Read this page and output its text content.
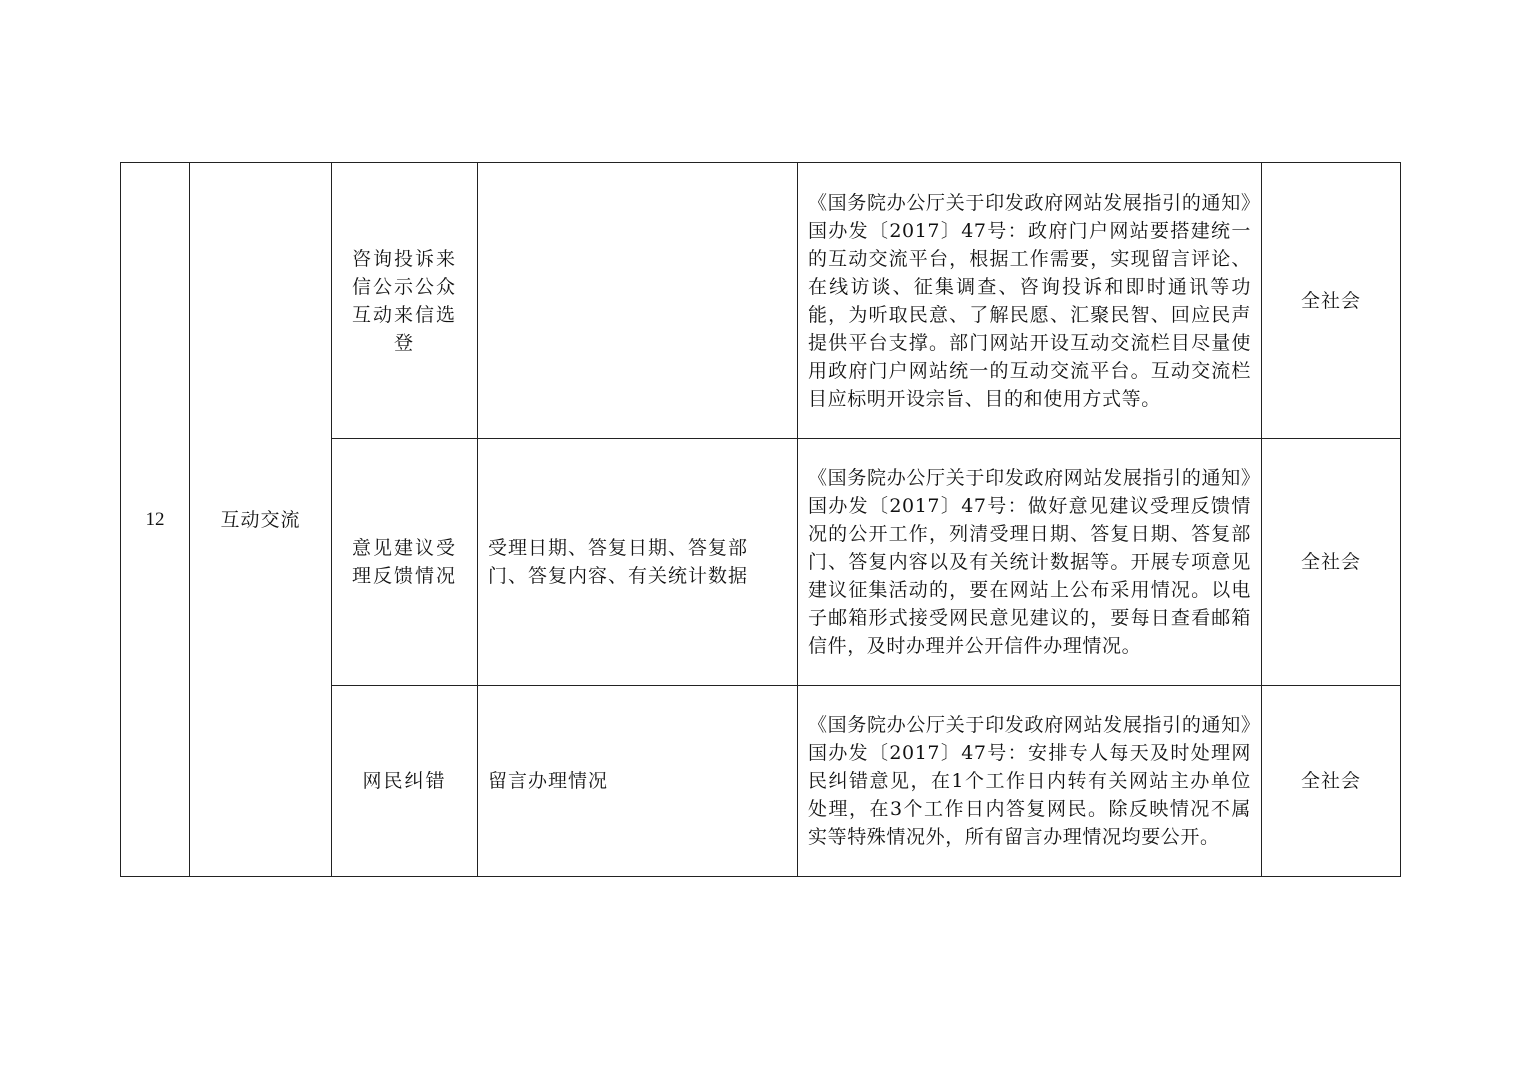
12	互动交流	咨询投诉来信公示公众互动来信选登		《国务院办公厅关于印发政府网站发展指引的通知》国办发〔2017〕47号：政府门户网站要搭建统一的互动交流平台，根据工作需要，实现留言评论、在线访谈、征集调查、咨询投诉和即时通讯等功能，为听取民意、了解民愿、汇聚民智、回应民声提供平台支撑。部门网站开设互动交流栏目尽量使用政府门户网站统一的互动交流平台。互动交流栏目应标明开设宗旨、目的和使用方式等。	全社会
		意见建议受理反馈情况	受理日期、答复日期、答复部门、答复内容、有关统计数据	《国务院办公厅关于印发政府网站发展指引的通知》国办发〔2017〕47号：做好意见建议受理反馈情况的公开工作，列清受理日期、答复日期、答复部门、答复内容以及有关统计数据等。开展专项意见建议征集活动的，要在网站上公布采用情况。以电子邮箱形式接受网民意见建议的，要每日查看邮箱信件，及时办理并公开信件办理情况。	全社会
		网民纠错	留言办理情况	《国务院办公厅关于印发政府网站发展指引的通知》国办发〔2017〕47号：安排专人每天及时处理网民纠错意见，在1个工作日内转有关网站主办单位处理，在3个工作日内答复网民。除反映情况不属实等特殊情况外，所有留言办理情况均要公开。	全社会
